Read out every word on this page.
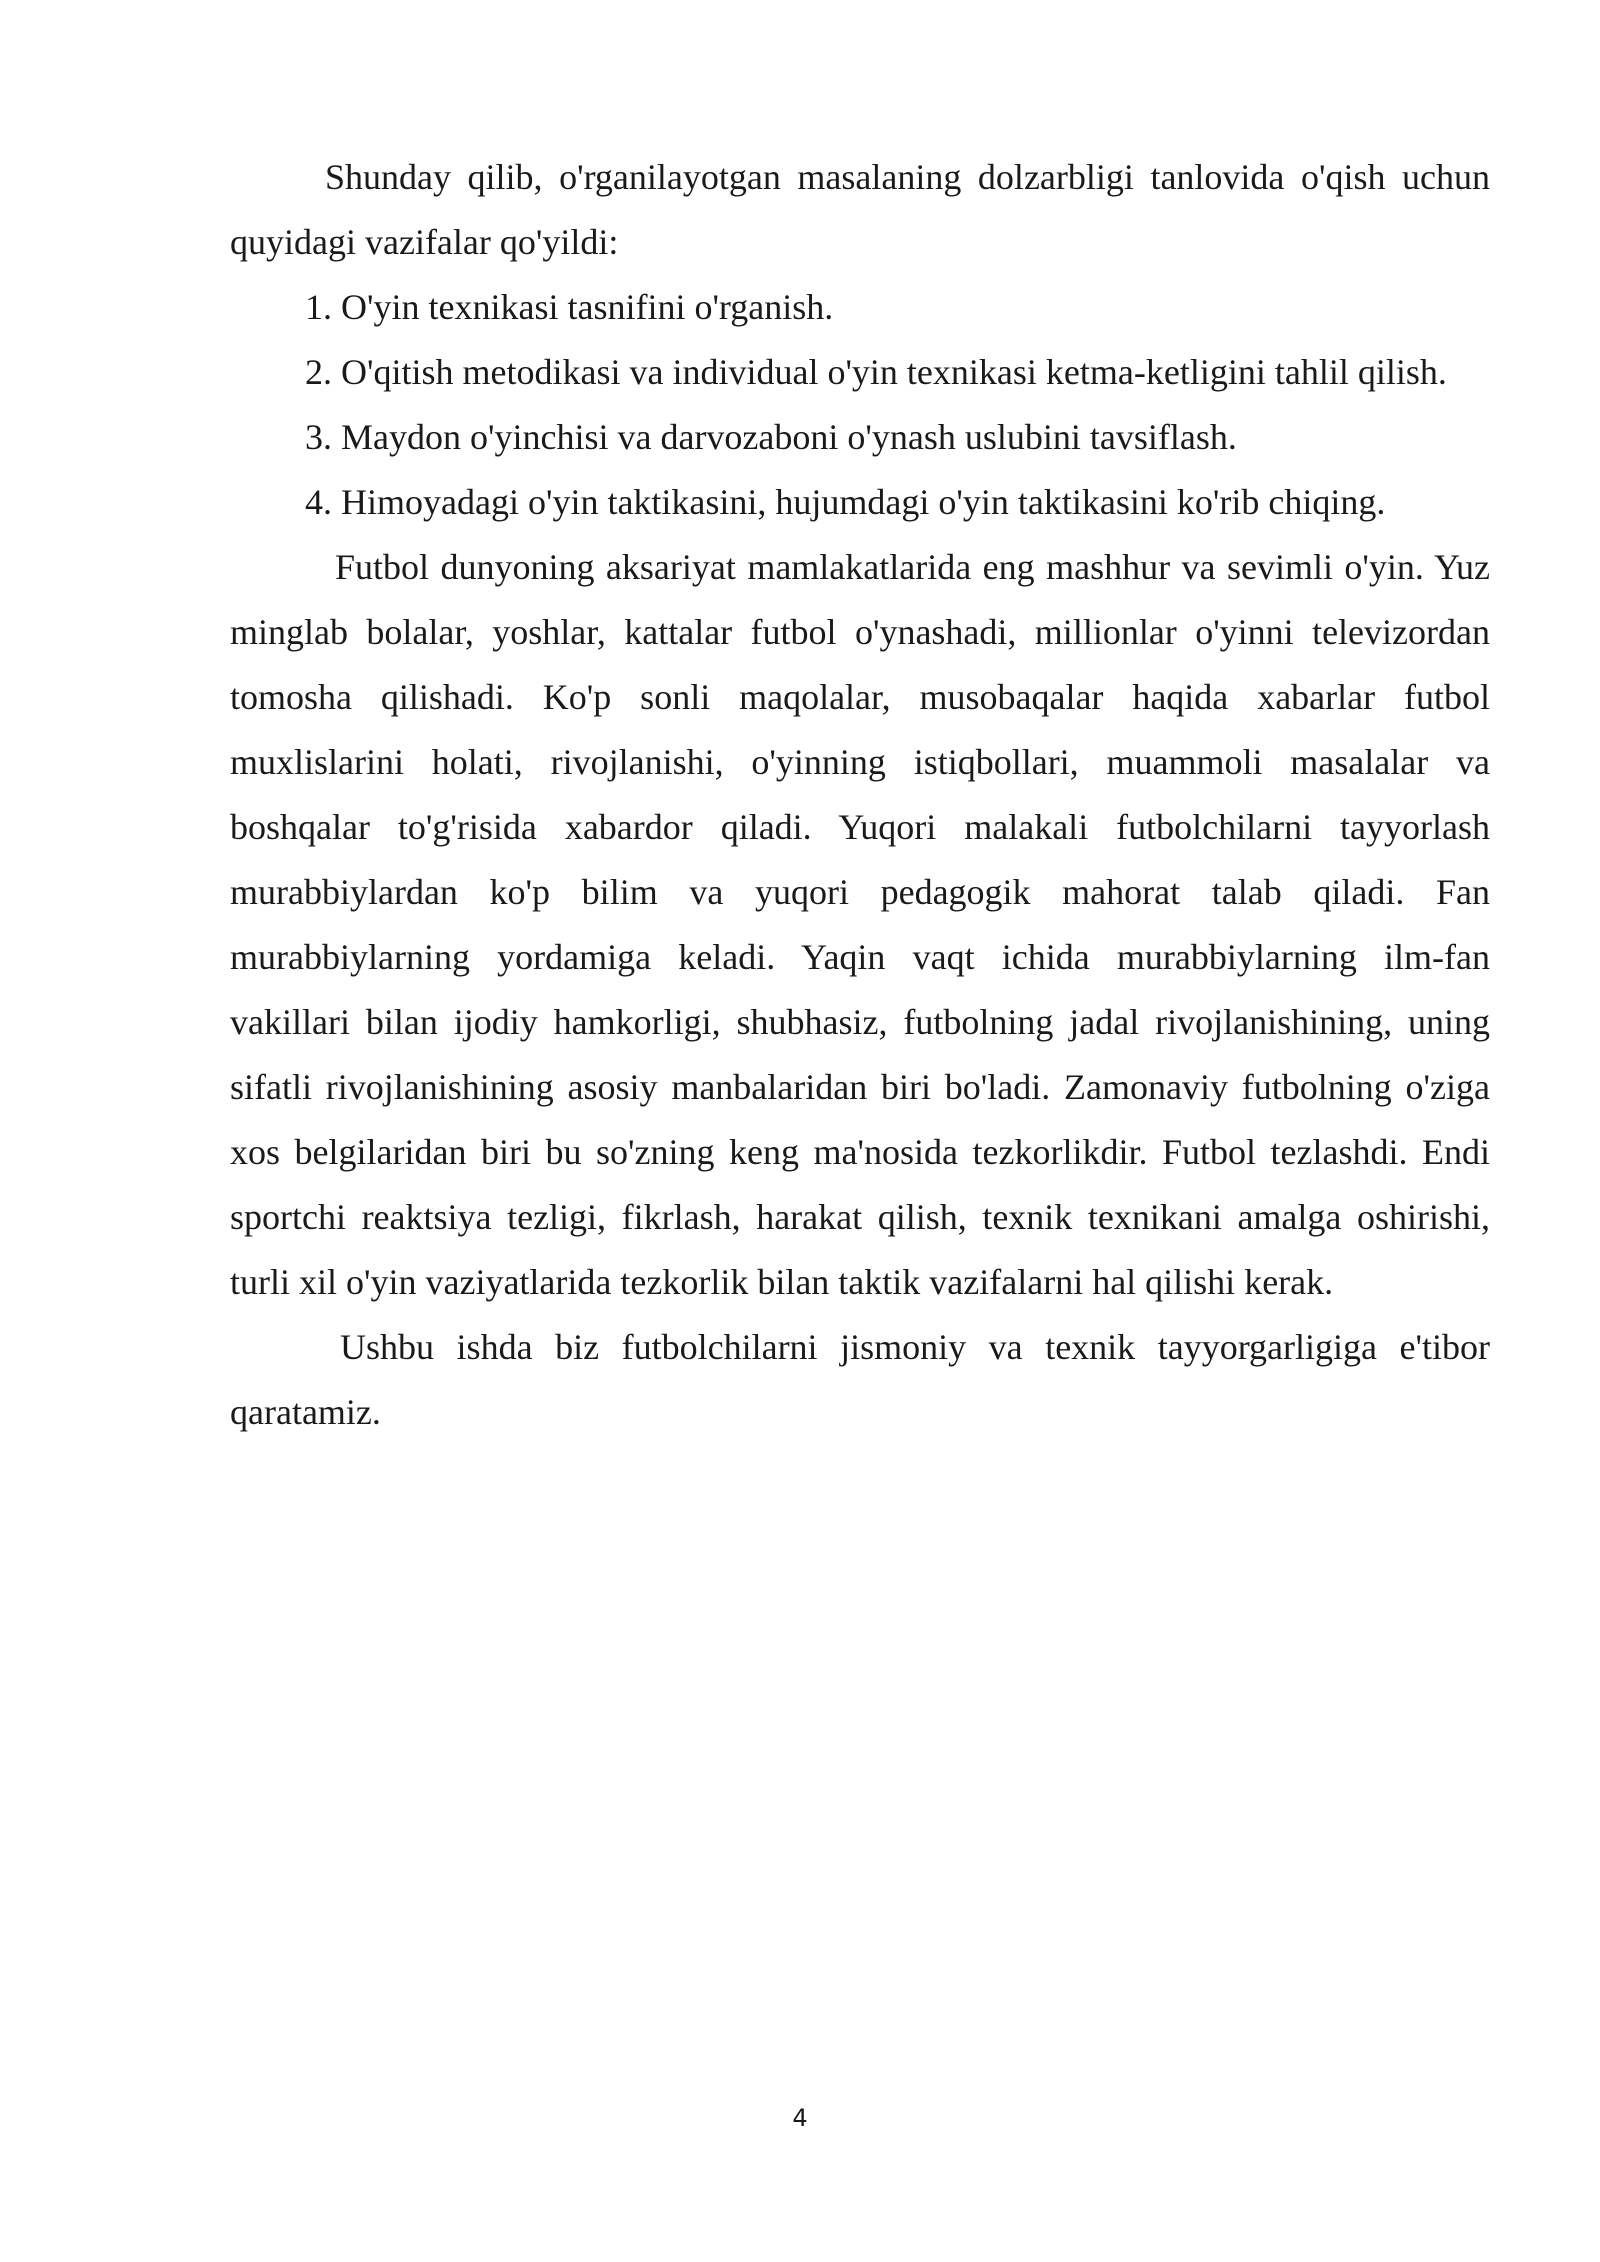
Shunday qilib, o'rganilayotgan masalaning dolzarbligi tanlovida o'qish uchun quyidagi vazifalar qo'yildi:

1. O'yin texnikasi tasnifini o'rganish.

2. O'qitish metodikasi va individual o'yin texnikasi ketma-ketligini tahlil qilish.

3. Maydon o'yinchisi va darvozaboni o'ynash uslubini tavsiflash.

4. Himoyadagi o'yin taktikasini, hujumdagi o'yin taktikasini ko'rib chiqing.

Futbol dunyoning aksariyat mamlakatlarida eng mashhur va sevimli o'yin. Yuz minglab bolalar, yoshlar, kattalar futbol o'ynashadi, millionlar o'yinni televizordan tomosha qilishadi. Ko'p sonli maqolalar, musobaqalar haqida xabarlar futbol muxlislarini holati, rivojlanishi, o'yinning istiqbollari, muammoli masalalar va boshqalar to'g'risida xabardor qiladi. Yuqori malakali futbolchilarni tayyorlash murabbiylardan ko'p bilim va yuqori pedagogik mahorat talab qiladi. Fan murabbiylarning yordamiga keladi. Yaqin vaqt ichida murabbiylarning ilm-fan vakillari bilan ijodiy hamkorligi, shubhasiz, futbolning jadal rivojlanishining, uning sifatli rivojlanishining asosiy manbalaridan biri bo'ladi. Zamonaviy futbolning o'ziga xos belgilaridan biri bu so'zning keng ma'nosida tezkorlikdir. Futbol tezlashdi. Endi sportchi reaktsiya tezligi, fikrlash, harakat qilish, texnik texnikani amalga oshirishi, turli xil o'yin vaziyatlarida tezkorlik bilan taktik vazifalarni hal qilishi kerak.

Ushbu ishda biz futbolchilarni jismoniy va texnik tayyorgarligiga e'tibor qaratamiz.

4
